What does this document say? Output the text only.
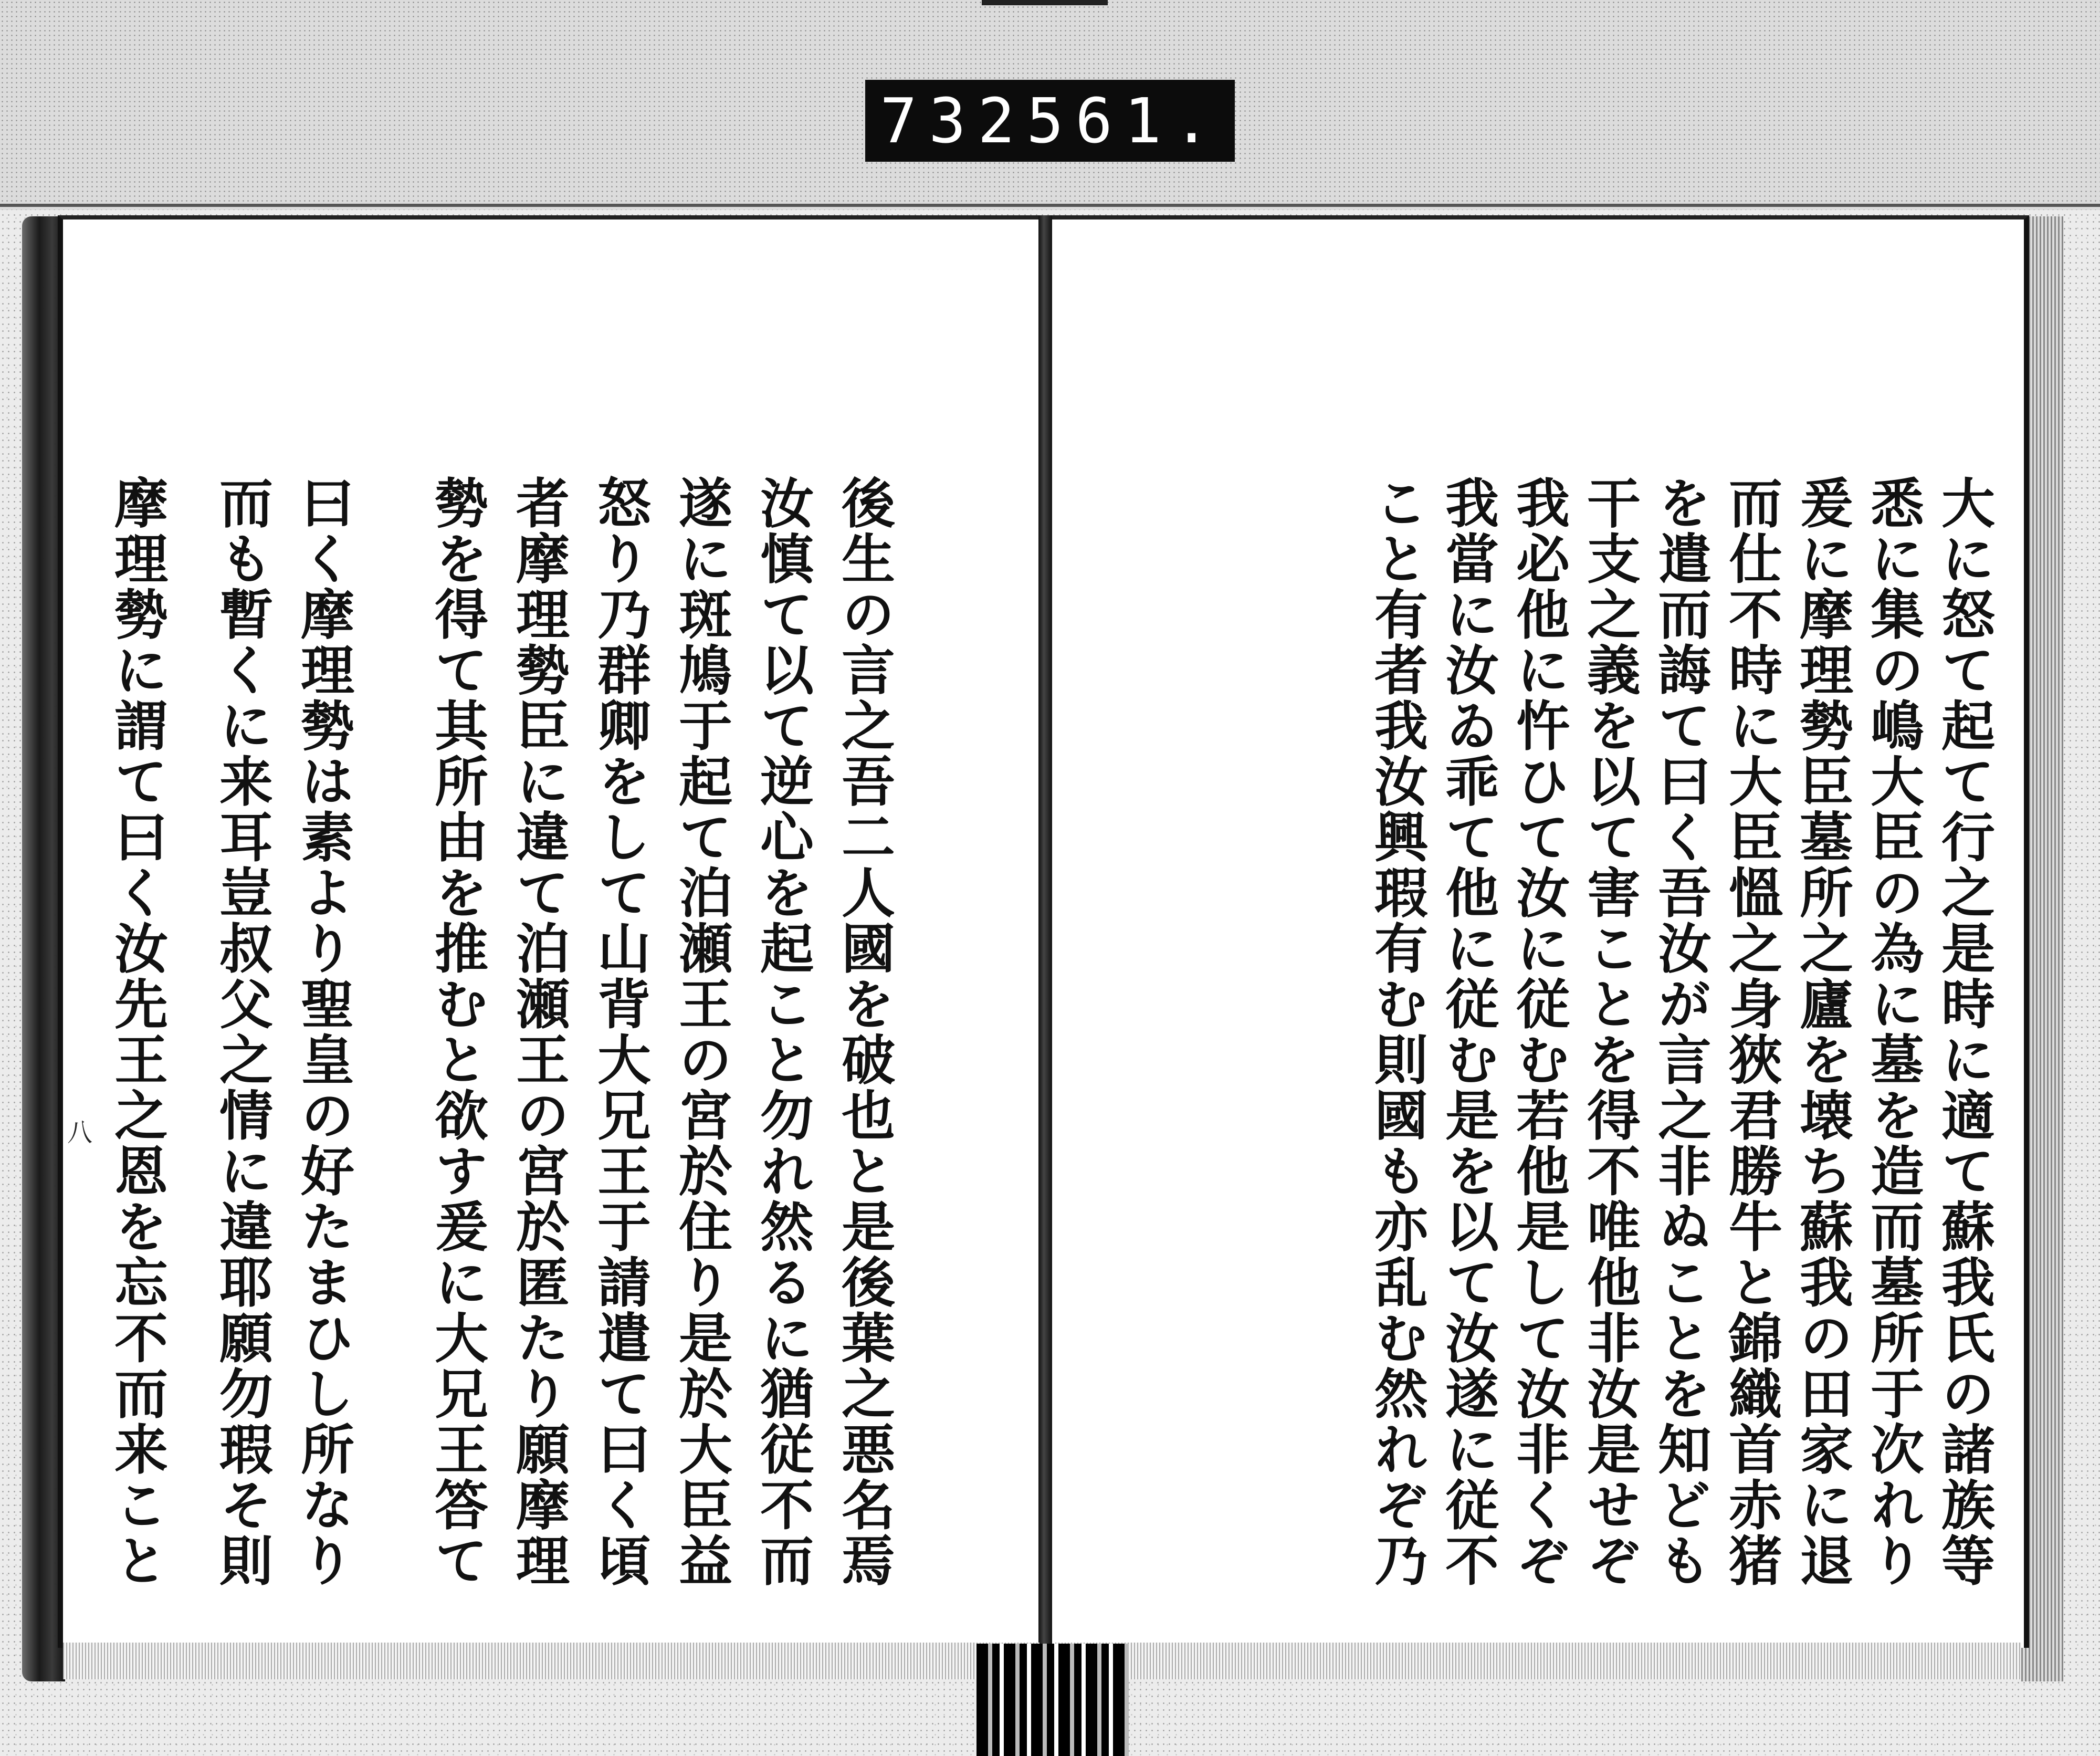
732 561.
大に怒て起て行之是時に適て蘇我氏の諸族等
悉に集の嶋大臣の為に墓を造而墓所于次れり
爰に摩理勢臣墓所之廬を壊ち蘇我の田家に退
而仕不時に大臣慍之身狹君勝牛と錦織首赤猪
を遣而誨て曰く吾汝が言之非ぬことを知ども
干支之義を以て害ことを得不唯他非汝是せぞ
我必他に忤ひて汝に従む若他是して汝非くぞ
我當に汝ゐ乖て他に従む是を以て汝遂に従不
こと有者我汝興瑕有む則國も亦乱む然れぞ乃
後生の言之吾二人國を破也と是後葉之悪名焉
汝慎て以て逆心を起こと勿れ然るに猶従不而
遂に斑鳩于起て泊瀬王の宮於住り是於大臣益
怒り乃群卿をして山背大兄王于請遣て曰く頃
者摩理勢臣に違て泊瀬王の宮於匿たり願摩理
勢を得て其所由を推むと欲す爰に大兄王答て
曰く摩理勢は素より聖皇の好たまひし所なり
而も暫くに来耳豈叔父之情に違耶願勿瑕そ則
摩理勢に謂て曰く汝先王之恩を忘不而来こと
八
